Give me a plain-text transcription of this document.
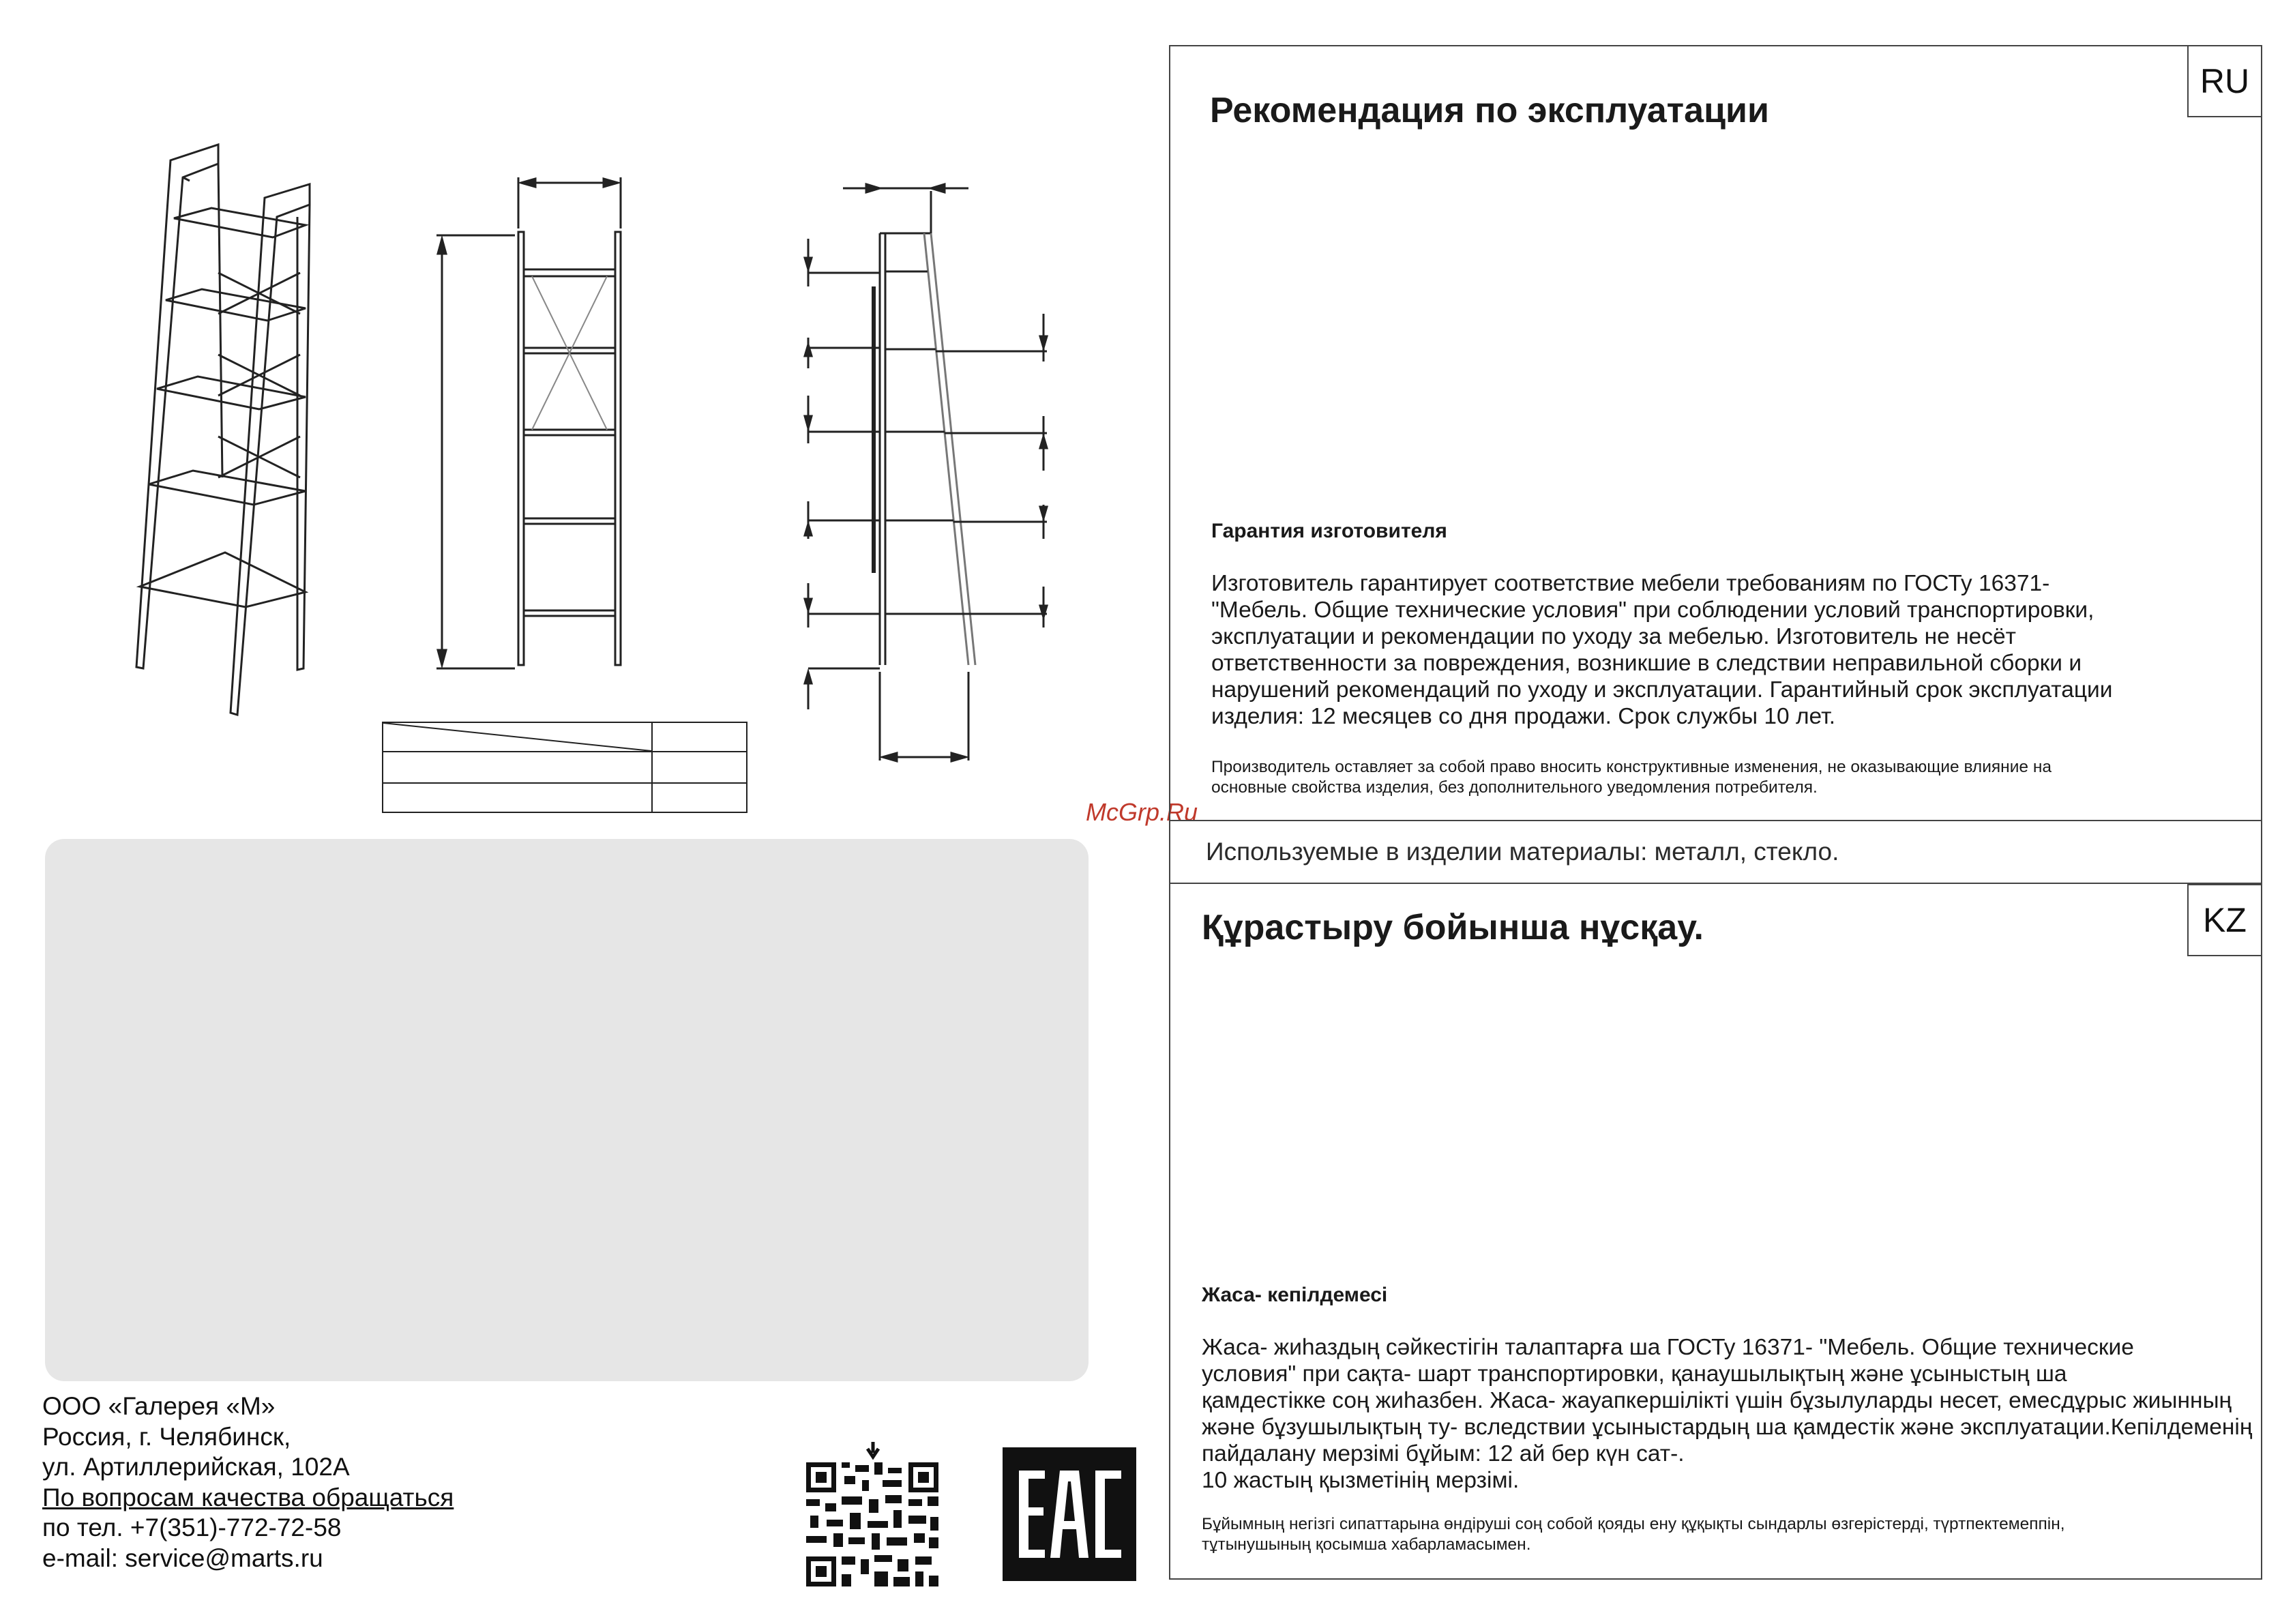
McGrp.Ru
ООО «Галерея «М»
Россия, г. Челябинск,
ул. Артиллерийская, 102А
По вопросам качества обращаться
по тел. +7(351)-772-72-58
e-mail: service@marts.ru
RU
Рекомендация по эксплуатации
Гарантия изготовителя
Изготовитель гарантирует соответствие мебели требованиям по ГОСТу 16371-
"Мебель. Общие технические условия" при соблюдении условий транспортировки,
эксплуатации и рекомендации по уходу за мебелью. Изготовитель не несёт
ответственности за повреждения, возникшие в следствии неправильной сборки и
нарушений рекомендаций по уходу и эксплуатации. Гарантийный срок эксплуатации
изделия: 12 месяцев со дня продажи. Срок службы 10 лет.
Производитель оставляет за собой право вносить конструктивные изменения, не оказывающие влияние на
основные свойства изделия, без дополнительного уведомления потребителя.
Используемые в изделии материалы: металл, стекло.
KZ
Құрастыру бойынша нұсқау.
Жаса- кепілдемесі
Жаса- жиһаздың сәйкестігін талаптарға ша ГОСТу 16371- "Мебель. Общие технические
условия" при сақта- шарт транспортировки, қанаушылықтың және ұсыныстың ша
қамдестіккe соң жиһазбен. Жаса- жауапкершілікті үшін бұзылуларды несет, емесдұрыс жиынның
және бұзушылықтың ту- вследствии ұсыныстардың ша қамдестік және эксплуатации.Кепілдеменің
пайдалану мерзімі бұйым: 12 ай бер күн сат-.
10 жастың қызметінің мерзімі.
Бұйымның негізгі сипаттарына өндіруші соң собой қояды ену құқықты сындарлы өзгерістерді, түртпектемеппін,
тұтынушының қосымша хабарламасымен.
